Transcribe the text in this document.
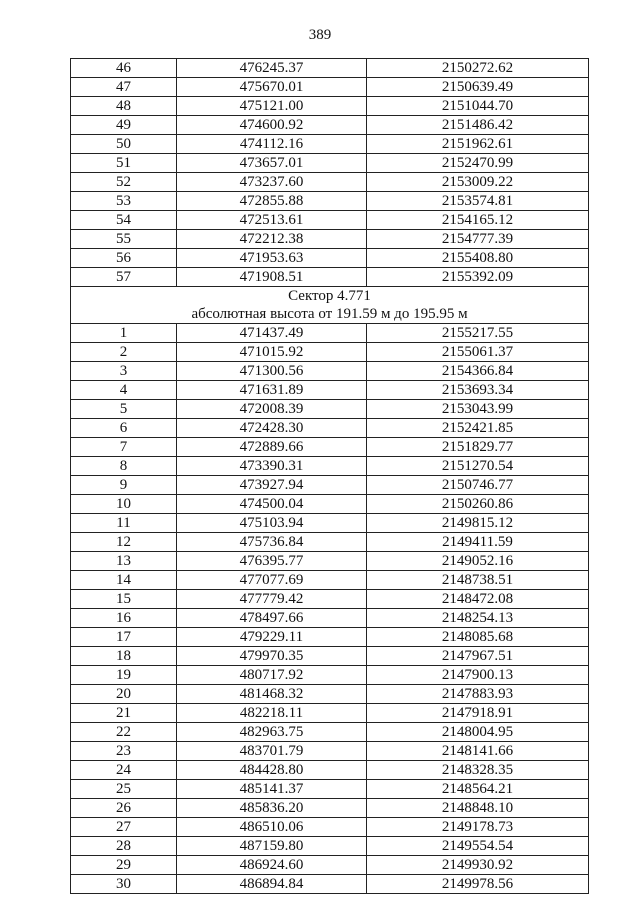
389
46	476245.37	2150272.62
47	475670.01	2150639.49
48	475121.00	2151044.70
49	474600.92	2151486.42
50	474112.16	2151962.61
51	473657.01	2152470.99
52	473237.60	2153009.22
53	472855.88	2153574.81
54	472513.61	2154165.12
55	472212.38	2154777.39
56	471953.63	2155408.80
57	471908.51	2155392.09

Сектор 4.771
абсолютная высота от 191.59 м до 195.95 м		

1	471437.49	2155217.55
2	471015.92	2155061.37
3	471300.56	2154366.84
4	471631.89	2153693.34
5	472008.39	2153043.99
6	472428.30	2152421.85
7	472889.66	2151829.77
8	473390.31	2151270.54
9	473927.94	2150746.77
10	474500.04	2150260.86
11	475103.94	2149815.12
12	475736.84	2149411.59
13	476395.77	2149052.16
14	477077.69	2148738.51
15	477779.42	2148472.08
16	478497.66	2148254.13
17	479229.11	2148085.68
18	479970.35	2147967.51
19	480717.92	2147900.13
20	481468.32	2147883.93
21	482218.11	2147918.91
22	482963.75	2148004.95
23	483701.79	2148141.66
24	484428.80	2148328.35
25	485141.37	2148564.21
26	485836.20	2148848.10
27	486510.06	2149178.73
28	487159.80	2149554.54
29	486924.60	2149930.92
30	486894.84	2149978.56
